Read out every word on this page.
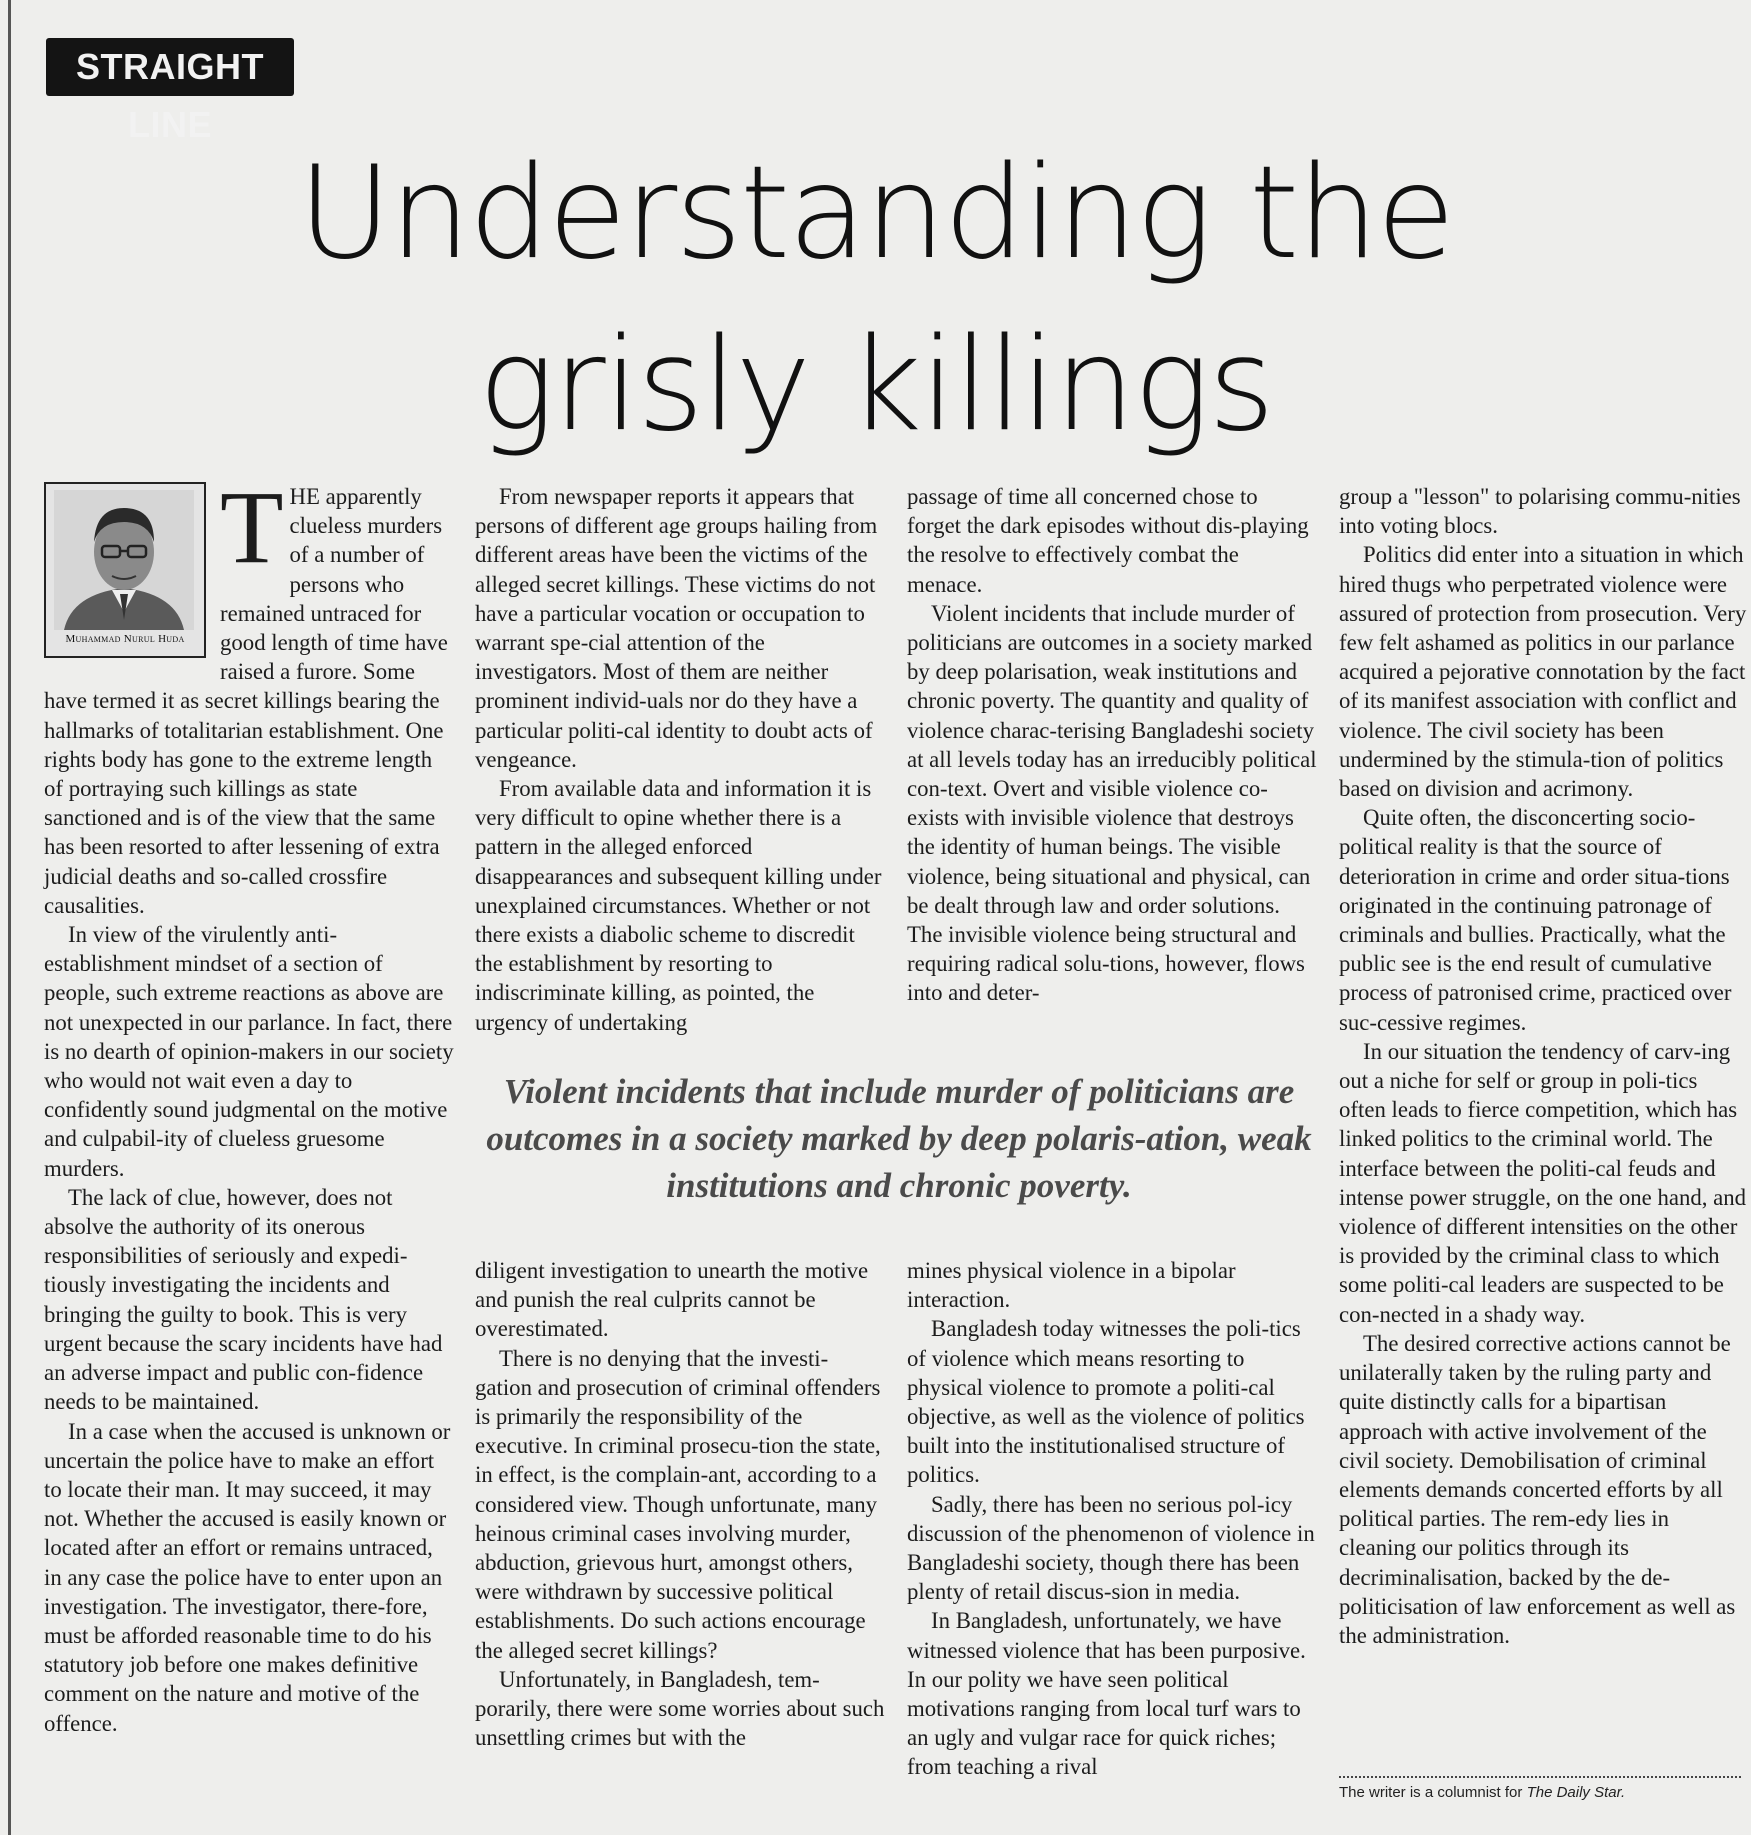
STRAIGHT LINE
Understanding the
grisly killings
Muhammad Nurul Huda

THE apparently clueless murders of a number of persons who remained untraced for good length of time have raised a furore. Some have termed it as secret killings bearing the hallmarks of totalitarian establishment. One rights body has gone to the extreme length of portraying such killings as state sanctioned and is of the view that the same has been resorted to after lessening of extra judicial deaths and so-called crossfire causalities.

In view of the virulently anti-establishment mindset of a section of people, such extreme reactions as above are not unexpected in our parlance. In fact, there is no dearth of opinion-makers in our society who would not wait even a day to confidently sound judgmental on the motive and culpabil-ity of clueless gruesome murders.

The lack of clue, however, does not absolve the authority of its onerous responsibilities of seriously and expedi-tiously investigating the incidents and bringing the guilty to book. This is very urgent because the scary incidents have had an adverse impact and public con-fidence needs to be maintained.

In a case when the accused is unknown or uncertain the police have to make an effort to locate their man. It may succeed, it may not. Whether the accused is easily known or located after an effort or remains untraced, in any case the police have to enter upon an investigation. The investigator, there-fore, must be afforded reasonable time to do his statutory job before one makes definitive comment on the nature and motive of the offence.

From newspaper reports it appears that persons of different age groups hailing from different areas have been the victims of the alleged secret killings. These victims do not have a particular vocation or occupation to warrant spe-cial attention of the investigators. Most of them are neither prominent individ-uals nor do they have a particular politi-cal identity to doubt acts of vengeance.

From available data and information it is very difficult to opine whether there is a pattern in the alleged enforced disappearances and subsequent killing under unexplained circumstances. Whether or not there exists a diabolic scheme to discredit the establishment by resorting to indiscriminate killing, as pointed, the urgency of undertaking

passage of time all concerned chose to forget the dark episodes without dis-playing the resolve to effectively combat the menace.

Violent incidents that include murder of politicians are outcomes in a society marked by deep polarisation, weak institutions and chronic poverty. The quantity and quality of violence charac-terising Bangladeshi society at all levels today has an irreducibly political con-text. Overt and visible violence co-exists with invisible violence that destroys the identity of human beings. The visible violence, being situational and physical, can be dealt through law and order solutions. The invisible violence being structural and requiring radical solu-tions, however, flows into and deter-

Violent incidents that include murder of politicians are outcomes in a society marked by deep polaris-ation, weak institutions and chronic poverty.

diligent investigation to unearth the motive and punish the real culprits cannot be overestimated.

There is no denying that the investi-gation and prosecution of criminal offenders is primarily the responsibility of the executive. In criminal prosecu-tion the state, in effect, is the complain-ant, according to a considered view. Though unfortunate, many heinous criminal cases involving murder, abduction, grievous hurt, amongst others, were withdrawn by successive political establishments. Do such actions encourage the alleged secret killings?

Unfortunately, in Bangladesh, tem-porarily, there were some worries about such unsettling crimes but with the

mines physical violence in a bipolar interaction.

Bangladesh today witnesses the poli-tics of violence which means resorting to physical violence to promote a politi-cal objective, as well as the violence of politics built into the institutionalised structure of politics.

Sadly, there has been no serious pol-icy discussion of the phenomenon of violence in Bangladeshi society, though there has been plenty of retail discus-sion in media.

In Bangladesh, unfortunately, we have witnessed violence that has been purposive. In our polity we have seen political motivations ranging from local turf wars to an ugly and vulgar race for quick riches; from teaching a rival

group a "lesson" to polarising commu-nities into voting blocs.

Politics did enter into a situation in which hired thugs who perpetrated violence were assured of protection from prosecution. Very few felt ashamed as politics in our parlance acquired a pejorative connotation by the fact of its manifest association with conflict and violence. The civil society has been undermined by the stimula-tion of politics based on division and acrimony.

Quite often, the disconcerting socio-political reality is that the source of deterioration in crime and order situa-tions originated in the continuing patronage of criminals and bullies. Practically, what the public see is the end result of cumulative process of patronised crime, practiced over suc-cessive regimes.

In our situation the tendency of carv-ing out a niche for self or group in poli-tics often leads to fierce competition, which has linked politics to the criminal world. The interface between the politi-cal feuds and intense power struggle, on the one hand, and violence of different intensities on the other is provided by the criminal class to which some politi-cal leaders are suspected to be con-nected in a shady way.

The desired corrective actions cannot be unilaterally taken by the ruling party and quite distinctly calls for a bipartisan approach with active involvement of the civil society. Demobilisation of criminal elements demands concerted efforts by all political parties. The rem-edy lies in cleaning our politics through its decriminalisation, backed by the de-politicisation of law enforcement as well as the administration.

The writer is a columnist for The Daily Star.
